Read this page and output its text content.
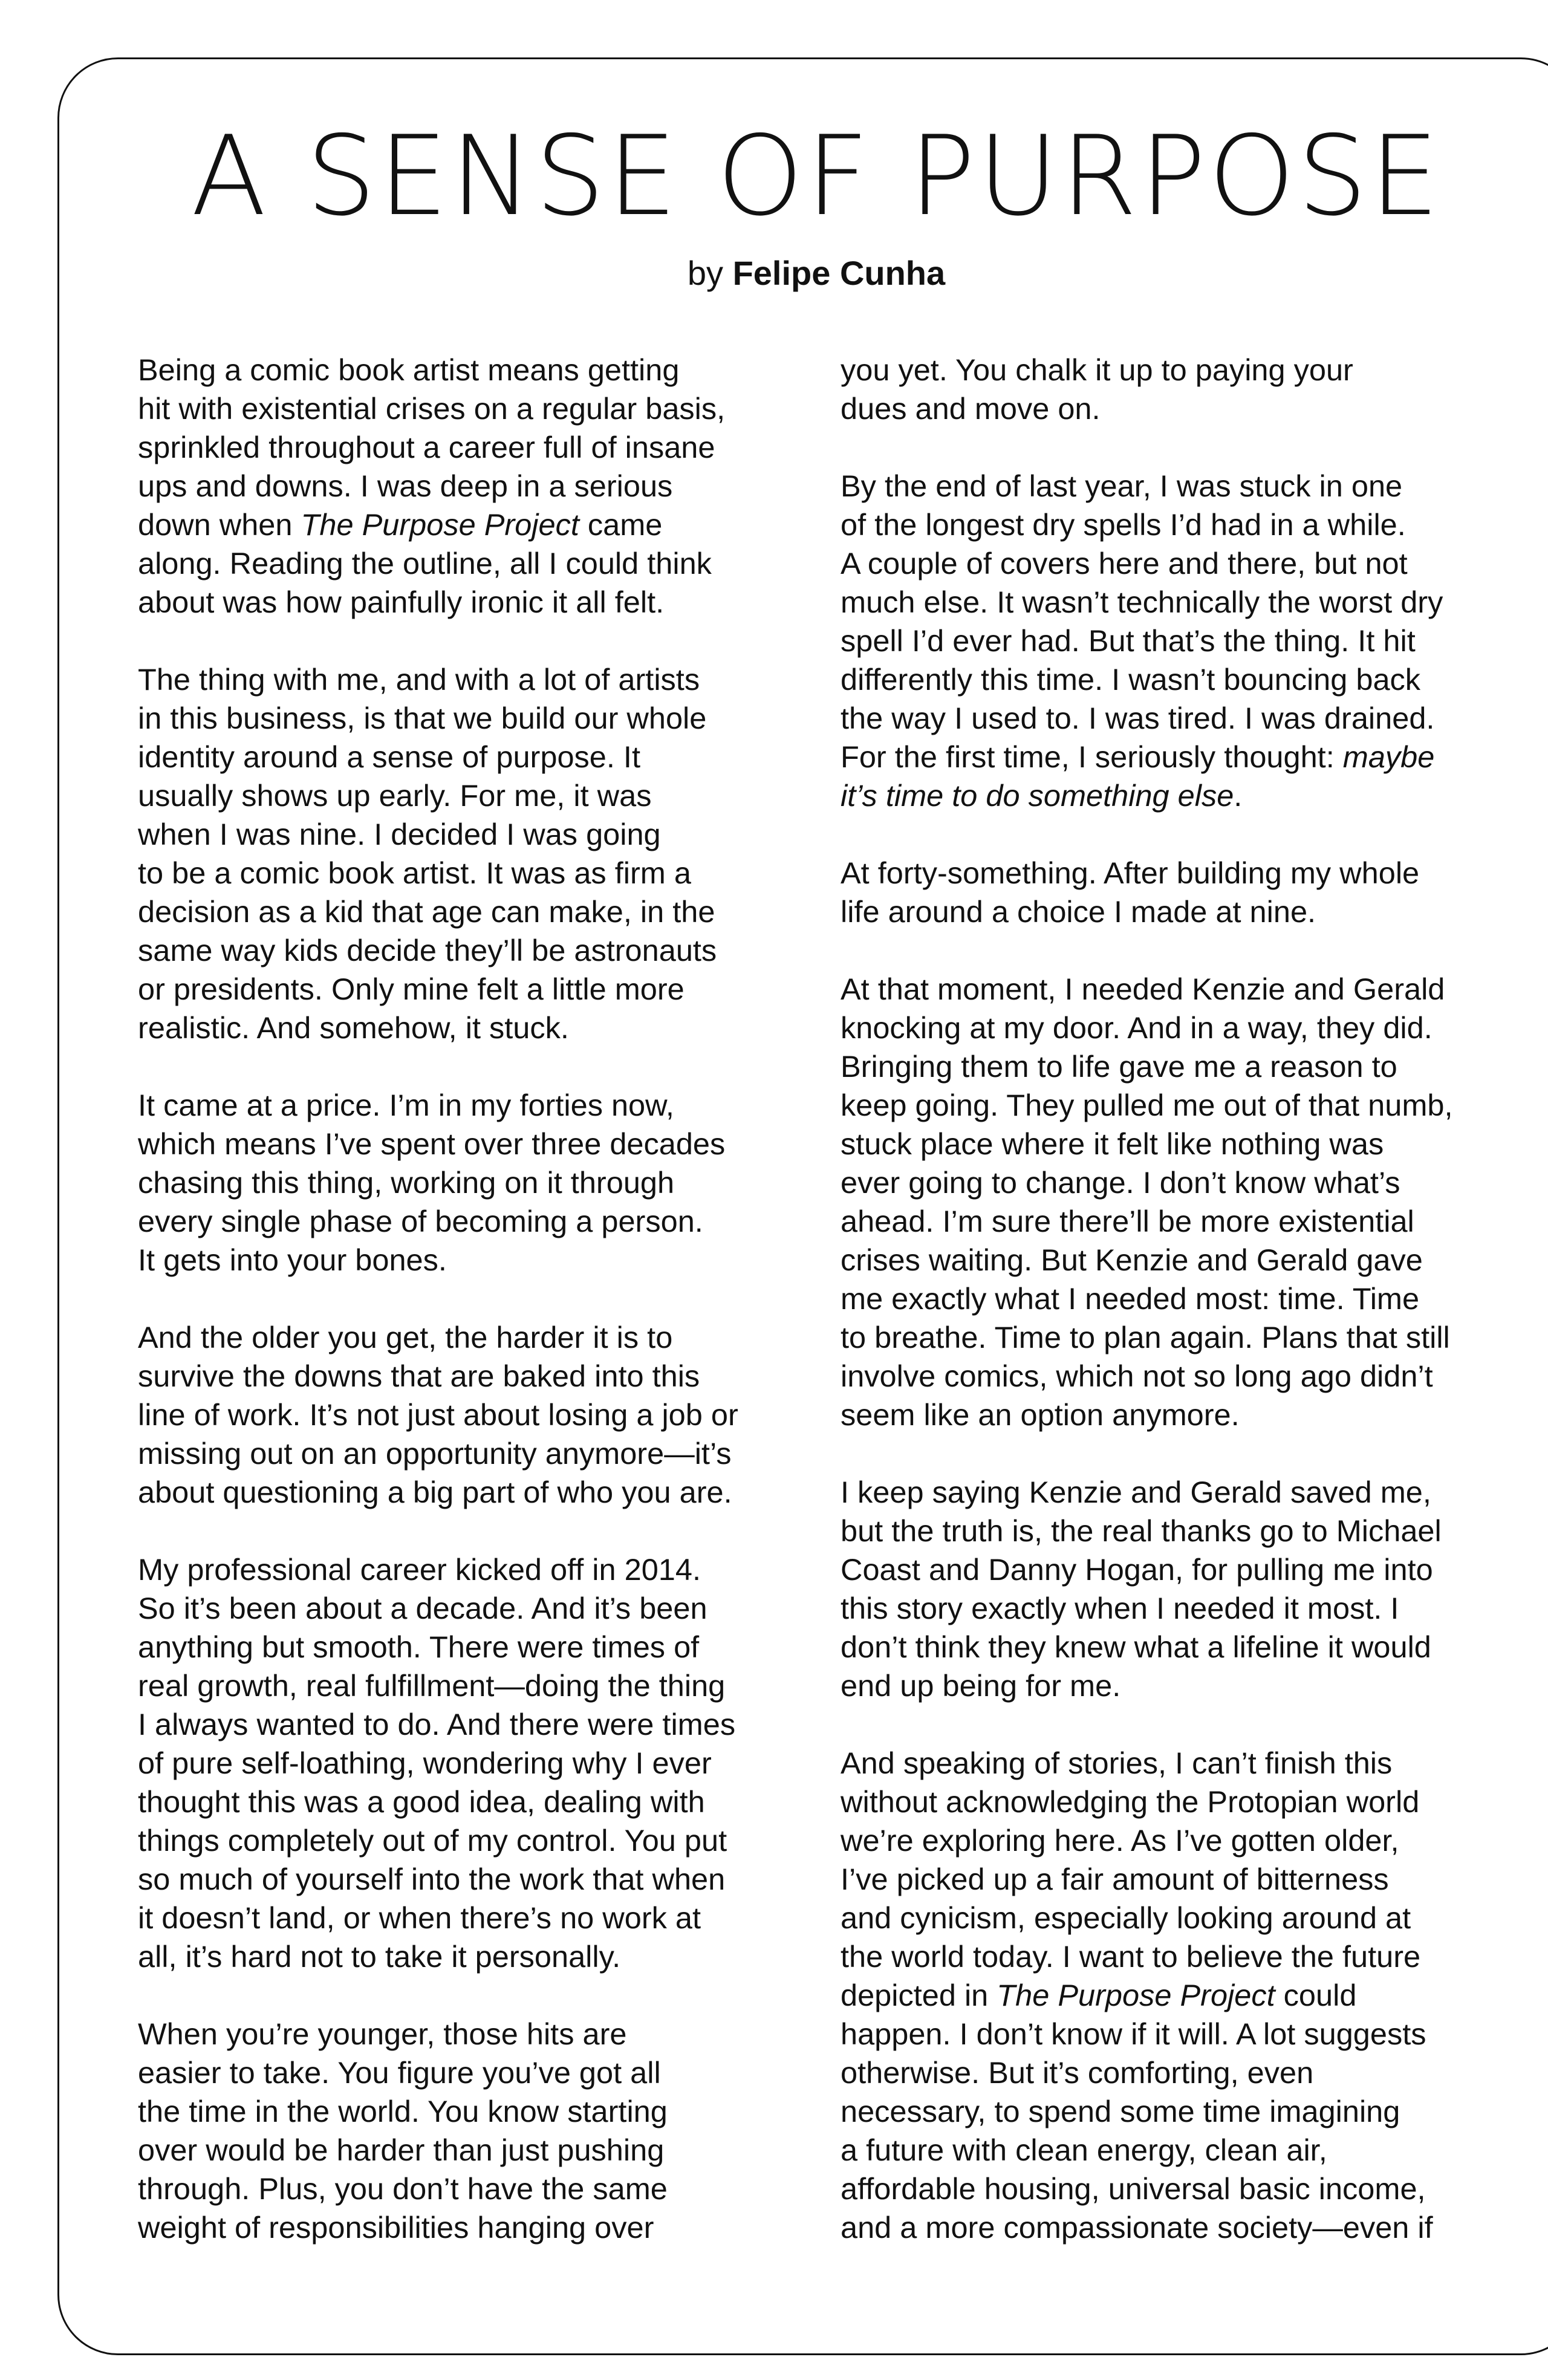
A SENSE OF PURPOSE
by Felipe Cunha

Being a comic book artist means getting
hit with existential crises on a regular basis,
sprinkled throughout a career full of insane
ups and downs. I was deep in a serious
down when The Purpose Project came
along. Reading the outline, all I could think
about was how painfully ironic it all felt.

The thing with me, and with a lot of artists
in this business, is that we build our whole
identity around a sense of purpose. It
usually shows up early. For me, it was
when I was nine. I decided I was going
to be a comic book artist. It was as firm a
decision as a kid that age can make, in the
same way kids decide they’ll be astronauts
or presidents. Only mine felt a little more
realistic. And somehow, it stuck.

It came at a price. I’m in my forties now,
which means I’ve spent over three decades
chasing this thing, working on it through
every single phase of becoming a person.
It gets into your bones.

And the older you get, the harder it is to
survive the downs that are baked into this
line of work. It’s not just about losing a job or
missing out on an opportunity anymore—it’s
about questioning a big part of who you are.

My professional career kicked off in 2014.
So it’s been about a decade. And it’s been
anything but smooth. There were times of
real growth, real fulfillment—doing the thing
I always wanted to do. And there were times
of pure self-loathing, wondering why I ever
thought this was a good idea, dealing with
things completely out of my control. You put
so much of yourself into the work that when
it doesn’t land, or when there’s no work at
all, it’s hard not to take it personally.

When you’re younger, those hits are
easier to take. You figure you’ve got all
the time in the world. You know starting
over would be harder than just pushing
through. Plus, you don’t have the same
weight of responsibilities hanging over

you yet. You chalk it up to paying your
dues and move on.

By the end of last year, I was stuck in one
of the longest dry spells I’d had in a while.
A couple of covers here and there, but not
much else. It wasn’t technically the worst dry
spell I’d ever had. But that’s the thing. It hit
differently this time. I wasn’t bouncing back
the way I used to. I was tired. I was drained.
For the first time, I seriously thought: maybe
it’s time to do something else.

At forty-something. After building my whole
life around a choice I made at nine.

At that moment, I needed Kenzie and Gerald
knocking at my door. And in a way, they did.
Bringing them to life gave me a reason to
keep going. They pulled me out of that numb,
stuck place where it felt like nothing was
ever going to change. I don’t know what’s
ahead. I’m sure there’ll be more existential
crises waiting. But Kenzie and Gerald gave
me exactly what I needed most: time. Time
to breathe. Time to plan again. Plans that still
involve comics, which not so long ago didn’t
seem like an option anymore.

I keep saying Kenzie and Gerald saved me,
but the truth is, the real thanks go to Michael
Coast and Danny Hogan, for pulling me into
this story exactly when I needed it most. I
don’t think they knew what a lifeline it would
end up being for me.

And speaking of stories, I can’t finish this
without acknowledging the Protopian world
we’re exploring here. As I’ve gotten older,
I’ve picked up a fair amount of bitterness
and cynicism, especially looking around at
the world today. I want to believe the future
depicted in The Purpose Project could
happen. I don’t know if it will. A lot suggests
otherwise. But it’s comforting, even
necessary, to spend some time imagining
a future with clean energy, clean air,
affordable housing, universal basic income,
and a more compassionate society—even if
